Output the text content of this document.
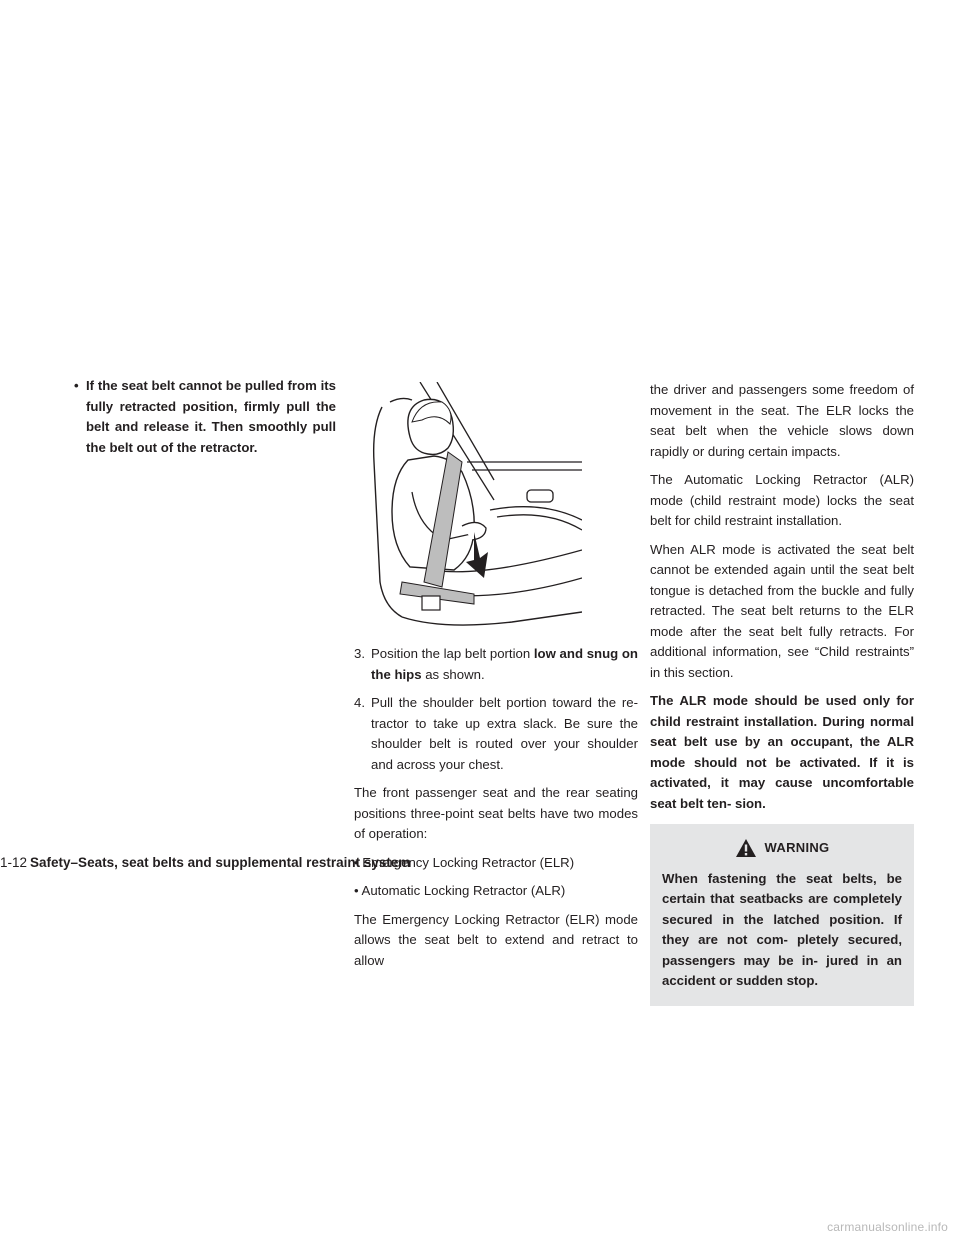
• If the seat belt cannot be pulled from its fully retracted position, firmly pull the belt and release it. Then smoothly pull the belt out of the retractor.
3. Position the lap belt portion low and snug on the hips as shown.
4. Pull the shoulder belt portion toward the re- tractor to take up extra slack. Be sure the shoulder belt is routed over your shoulder and across your chest.

The front passenger seat and the rear seating positions three-point seat belts have two modes of operation:

• Emergency Locking Retractor (ELR)

• Automatic Locking Retractor (ALR)

The Emergency Locking Retractor (ELR) mode allows the seat belt to extend and retract to allow

the driver and passengers some freedom of movement in the seat. The ELR locks the seat belt when the vehicle slows down rapidly or during certain impacts.

The Automatic Locking Retractor (ALR) mode (child restraint mode) locks the seat belt for child restraint installation.

When ALR mode is activated the seat belt cannot be extended again until the seat belt tongue is detached from the buckle and fully retracted. The seat belt returns to the ELR mode after the seat belt fully retracts. For additional information, see “Child restraints” in this section.

The ALR mode should be used only for child restraint installation. During normal seat belt use by an occupant, the ALR mode should not be activated. If it is activated, it may cause uncomfortable seat belt ten- sion.

WARNING
When fastening the seat belts, be certain that seatbacks are completely secured in the latched position. If they are not com- pletely secured, passengers may be in- jured in an accident or sudden stop.
1-12 Safety–Seats, seat belts and supplemental restraint system
carmanualsonline.info
